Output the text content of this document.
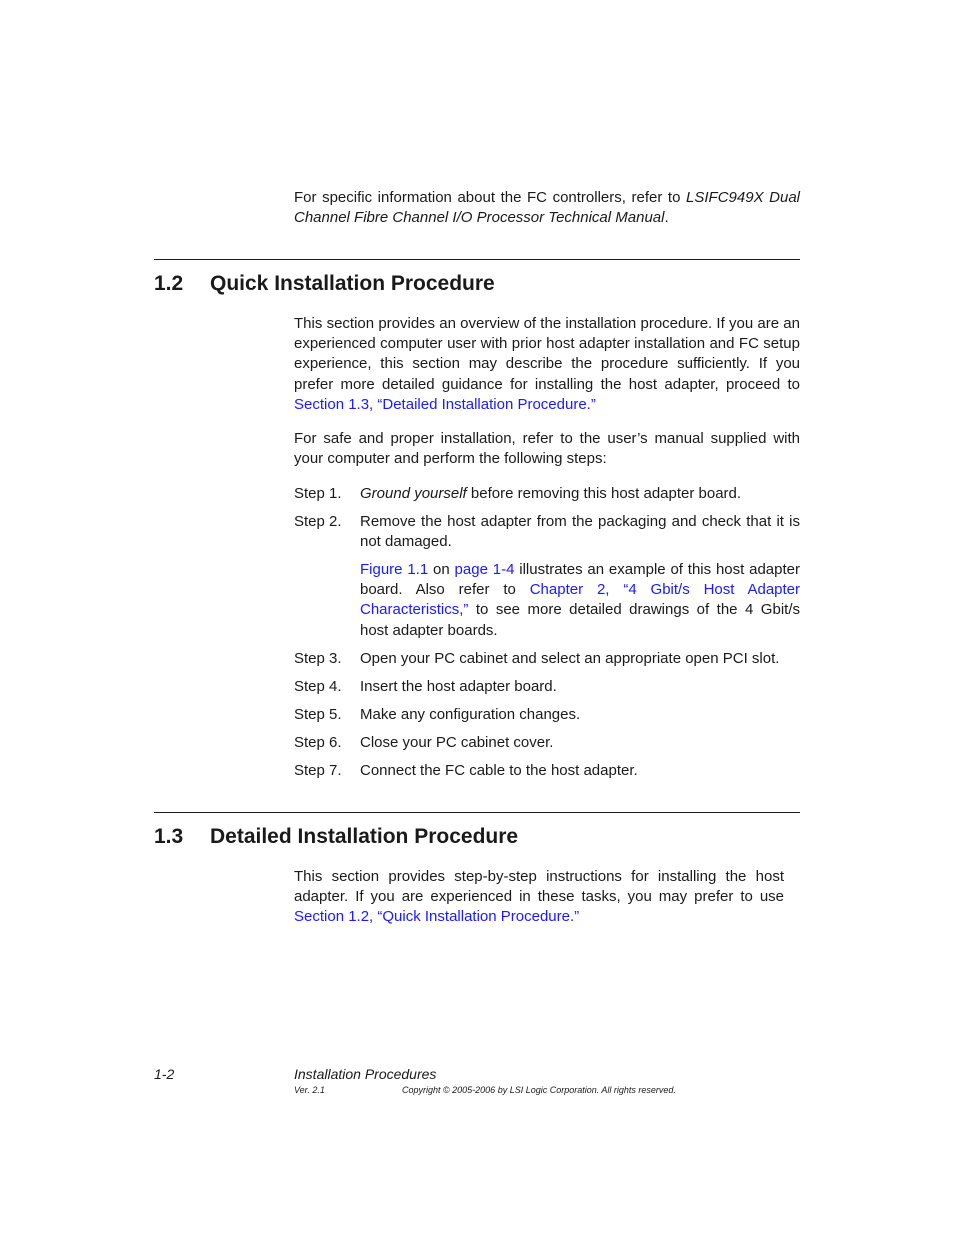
For specific information about the FC controllers, refer to LSIFC949X Dual Channel Fibre Channel I/O Processor Technical Manual.
1.2 Quick Installation Procedure
This section provides an overview of the installation procedure. If you are an experienced computer user with prior host adapter installation and FC setup experience, this section may describe the procedure sufficiently. If you prefer more detailed guidance for installing the host adapter, proceed to Section 1.3, “Detailed Installation Procedure.”
For safe and proper installation, refer to the user’s manual supplied with your computer and perform the following steps:
Step 1. Ground yourself before removing this host adapter board.
Step 2. Remove the host adapter from the packaging and check that it is not damaged.
Figure 1.1 on page 1-4 illustrates an example of this host adapter board. Also refer to Chapter 2, “4 Gbit/s Host Adapter Characteristics,” to see more detailed drawings of the 4 Gbit/s host adapter boards.
Step 3. Open your PC cabinet and select an appropriate open PCI slot.
Step 4. Insert the host adapter board.
Step 5. Make any configuration changes.
Step 6. Close your PC cabinet cover.
Step 7. Connect the FC cable to the host adapter.
1.3 Detailed Installation Procedure
This section provides step-by-step instructions for installing the host adapter. If you are experienced in these tasks, you may prefer to use Section 1.2, “Quick Installation Procedure.”
1-2	Installation Procedures
Ver. 2.1	Copyright © 2005-2006 by LSI Logic Corporation. All rights reserved.
